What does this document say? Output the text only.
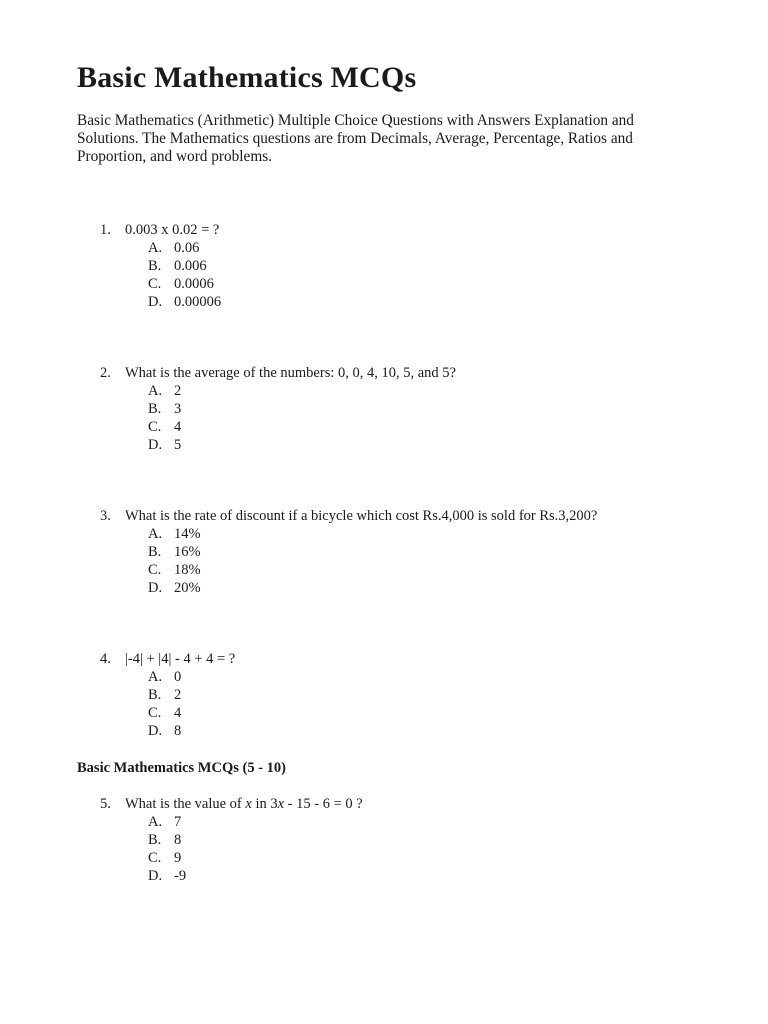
Basic Mathematics MCQs

Basic Mathematics (Arithmetic) Multiple Choice Questions with Answers Explanation and Solutions. The Mathematics questions are from Decimals, Average, Percentage, Ratios and Proportion, and word problems.

1. 0.003 x 0.02 = ?
A. 0.06
B. 0.006
C. 0.0006
D. 0.00006
2. What is the average of the numbers: 0, 0, 4, 10, 5, and 5?
A. 2
B. 3
C. 4
D. 5
3. What is the rate of discount if a bicycle which cost Rs.4,000 is sold for Rs.3,200?
A. 14%
B. 16%
C. 18%
D. 20%
4. |-4| + |4| - 4 + 4 = ?
A. 0
B. 2
C. 4
D. 8
Basic Mathematics MCQs (5 - 10)
5. What is the value of x in 3x - 15 - 6 = 0 ?
A. 7
B. 8
C. 9
D. -9
